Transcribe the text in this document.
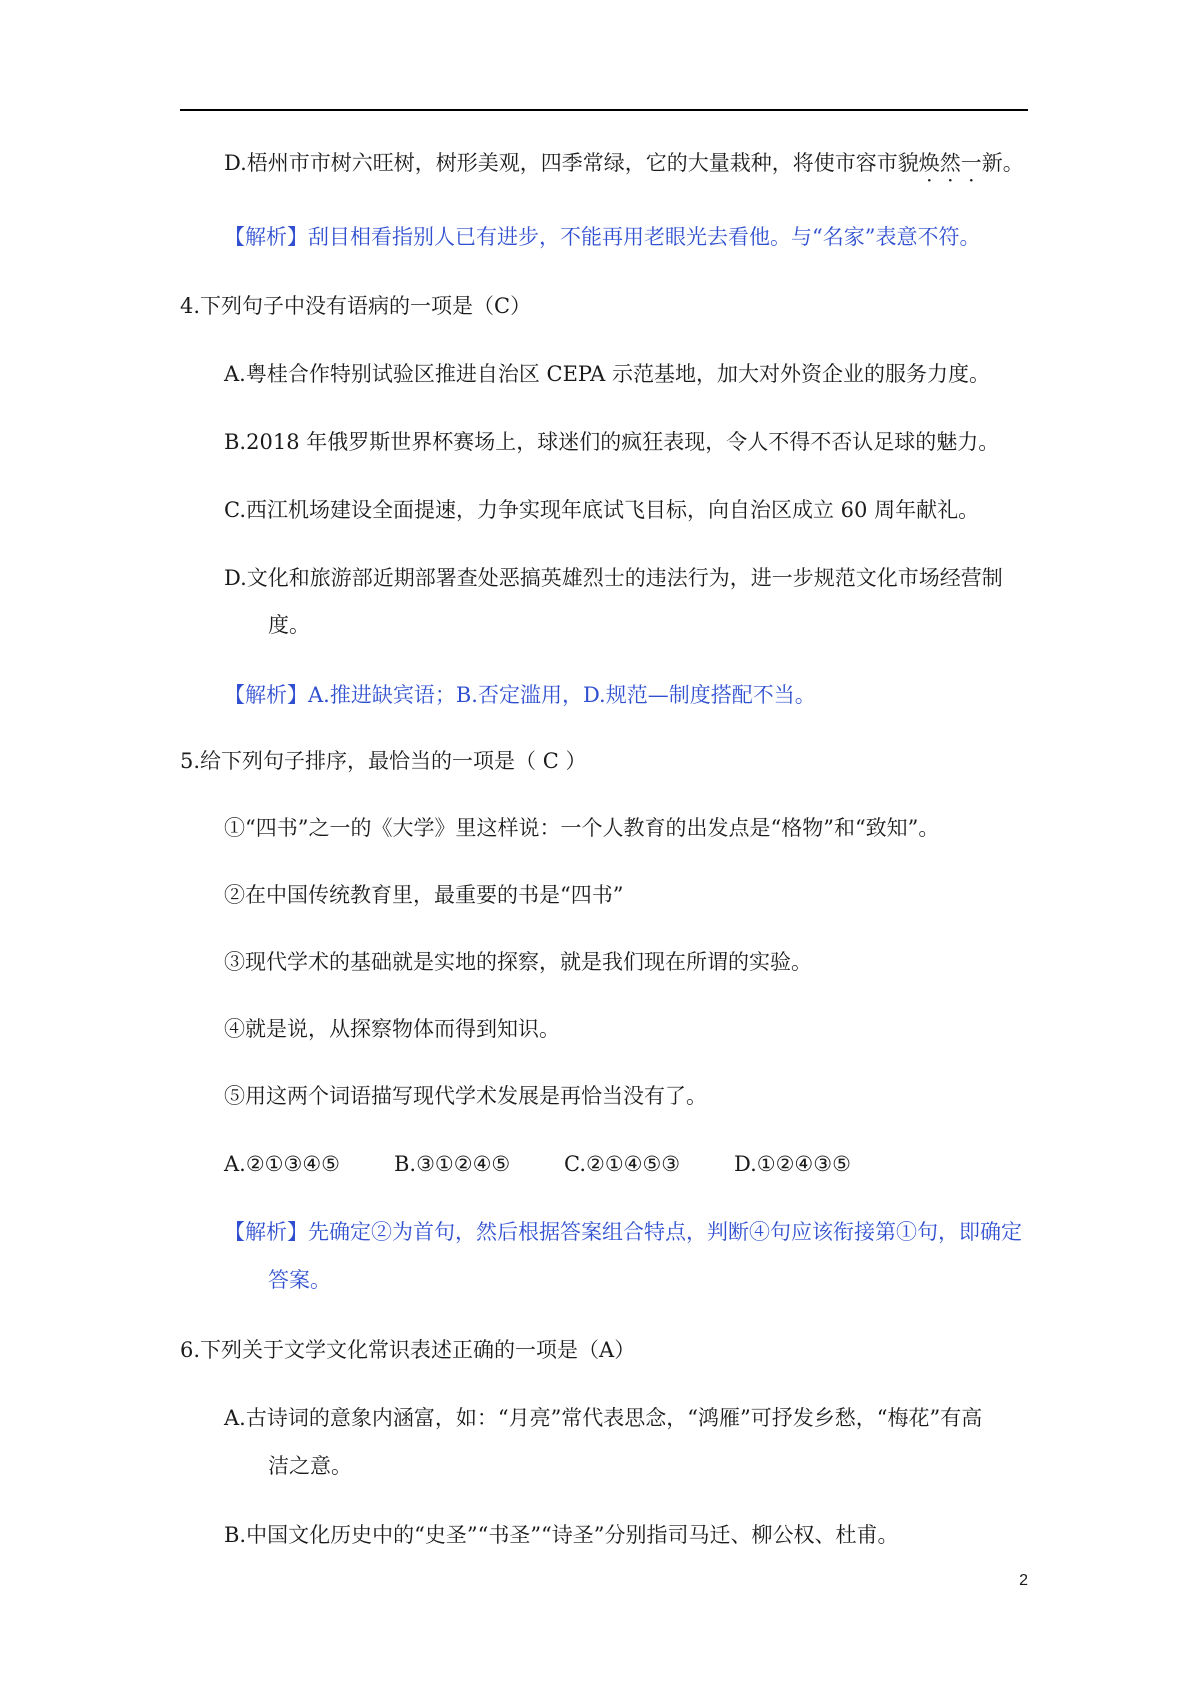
D.梧州市市树六旺树，树形美观，四季常绿，它的大量栽种，将使市容市貌焕然一新。
【解析】刮目相看指别人已有进步，不能再用老眼光去看他。与“名家”表意不符。
4.下列句子中没有语病的一项是（C）
A.粤桂合作特别试验区推进自治区 CEPA 示范基地，加大对外资企业的服务力度。
B.2018 年俄罗斯世界杯赛场上，球迷们的疯狂表现，令人不得不否认足球的魅力。
C.西江机场建设全面提速，力争实现年底试飞目标，向自治区成立 60 周年献礼。
D.文化和旅游部近期部署查处恶搞英雄烈士的违法行为，进一步规范文化市场经营制
度。
【解析】A.推进缺宾语；B.否定滥用，D.规范—制度搭配不当。
5.给下列句子排序，最恰当的一项是（ C ）
①“四书”之一的《大学》里这样说：一个人教育的出发点是“格物”和“致知”。
②在中国传统教育里，最重要的书是“四书”
③现代学术的基础就是实地的探察，就是我们现在所谓的实验。
④就是说，从探察物体而得到知识。
⑤用这两个词语描写现代学术发展是再恰当没有了。
A.②①③④⑤	B.③①②④⑤	C.②①④⑤③	D.①②④③⑤
【解析】先确定②为首句，然后根据答案组合特点，判断④句应该衔接第①句，即确定
答案。
6.下列关于文学文化常识表述正确的一项是（A）
A.古诗词的意象内涵富，如：“月亮”常代表思念，“鸿雁”可抒发乡愁，“梅花”有高
洁之意。
B.中国文化历史中的“史圣”“书圣”“诗圣”分别指司马迁、柳公权、杜甫。
2
